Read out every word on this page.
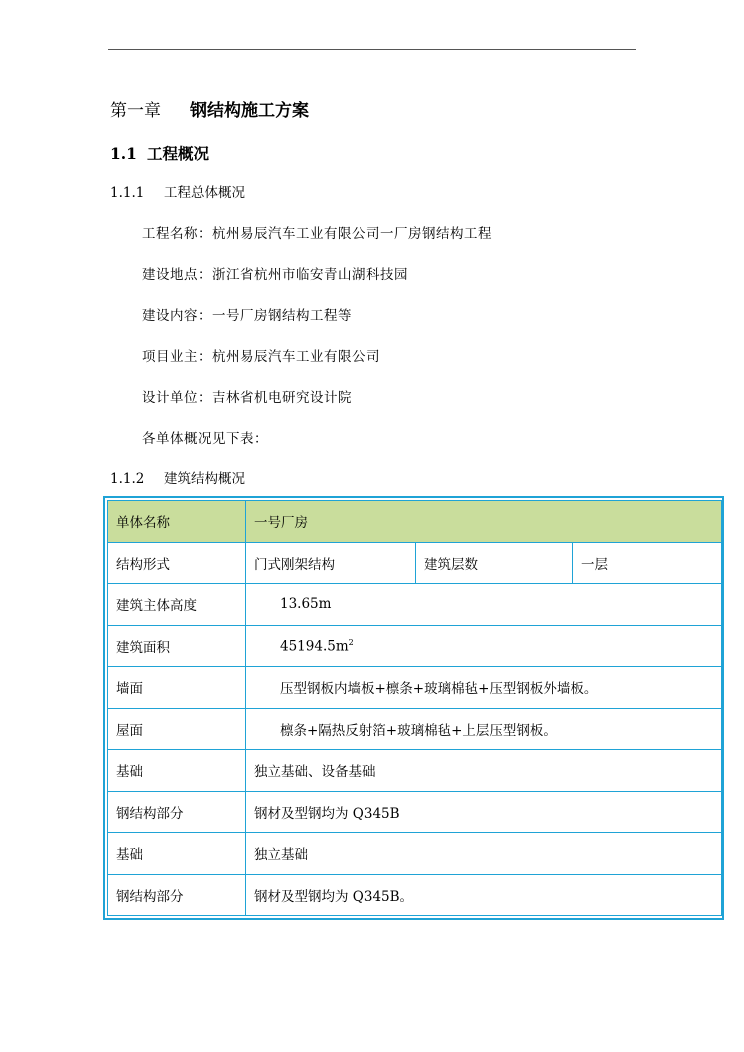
第一章 钢结构施工方案
1.1 工程概况
1.1.1 工程总体概况
工程名称：杭州易辰汽车工业有限公司一厂房钢结构工程
建设地点：浙江省杭州市临安青山湖科技园
建设内容：一号厂房钢结构工程等
项目业主：杭州易辰汽车工业有限公司
设计单位：吉林省机电研究设计院
各单体概况见下表：
1.1.2 建筑结构概况
单体名称	一号厂房		
结构形式	门式刚架结构	建筑层数	一层
建筑主体高度	13.65m		
建筑面积	$45194.5m^2$
墙面	压型钢板内墙板+檩条+玻璃棉毡+压型钢板外墙板。		
屋面	檩条+隔热反射箔+玻璃棉毡+上层压型钢板。		
基础	独立基础、设备基础		
钢结构部分	钢材及型钢均为 Q345B		
基础	独立基础		
钢结构部分	钢材及型钢均为 Q345B。		
